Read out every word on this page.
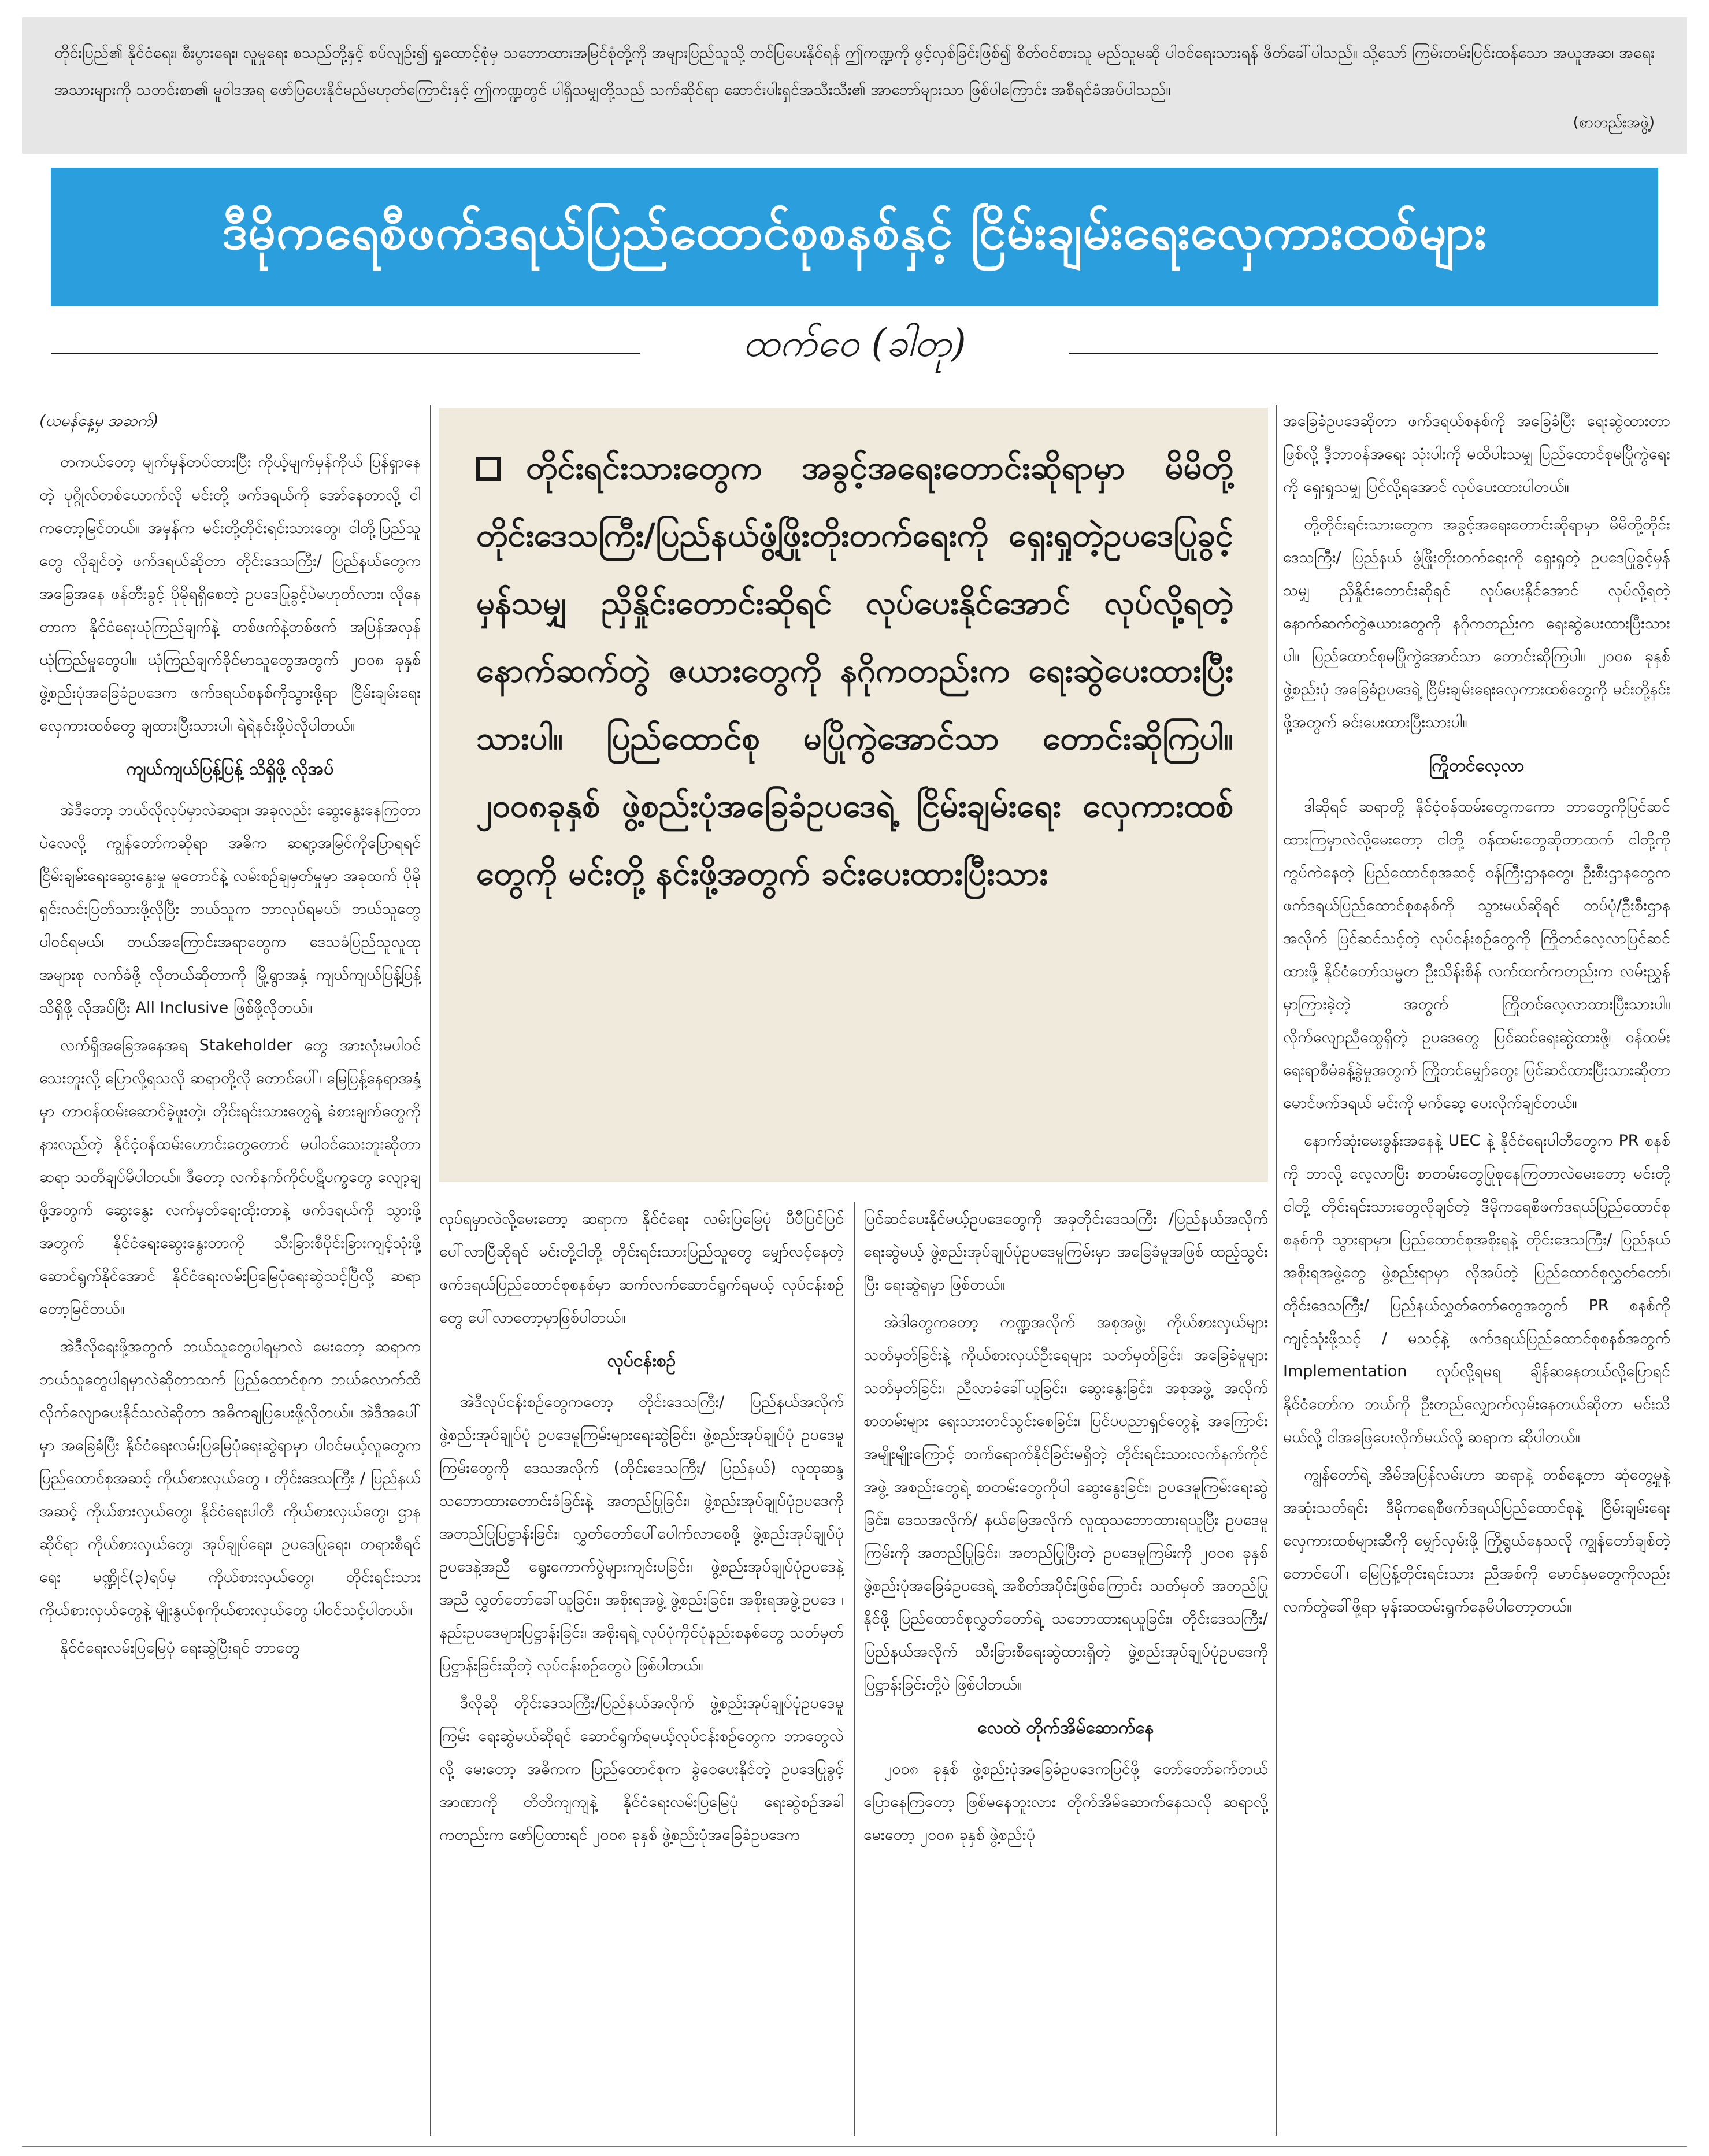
တိုင်းပြည်၏ နိုင်ငံရေး၊ စီးပွားရေး၊ လူမှုရေး စသည်တို့နှင့် စပ်လျဉ်း၍ ရှုထောင့်စုံမှ သဘောထားအမြင်စုံတို့ကို အများပြည်သူသို့ တင်ပြပေးနိုင်ရန် ဤကဏ္ဍကို ဖွင့်လှစ်ခြင်းဖြစ်၍ စိတ်ဝင်စားသူ မည်သူမဆို ပါဝင်ရေးသားရန် ဖိတ်ခေါ်ပါသည်။ သို့သော် ကြမ်းတမ်းပြင်းထန်သော အယူအဆ၊ အရေးအသားများကို သတင်းစာ၏ မူဝါဒအရ ဖော်ပြပေးနိုင်မည်မဟုတ်ကြောင်းနှင့် ဤကဏ္ဍတွင် ပါရှိသမျှတို့သည် သက်ဆိုင်ရာ ဆောင်းပါးရှင်အသီးသီး၏ အာဘော်များသာ ဖြစ်ပါကြောင်း အစီရင်ခံအပ်ပါသည်။
(စာတည်းအဖွဲ့)
ဒီမိုကရေစီဖက်ဒရယ်ပြည်ထောင်စုစနစ်နှင့် ငြိမ်းချမ်းရေးလှေကားထစ်များ
ထက်ဝေ (ခါတု)

(ယမန်နေ့မှ အဆက်)

တကယ်တော့ မျက်မှန်တပ်ထားပြီး ကိုယ့်မျက်မှန်ကိုယ် ပြန်ရှာနေတဲ့ ပုဂ္ဂိုလ်တစ်ယောက်လို မင်းတို့ ဖက်ဒရယ်ကို အော်နေတာလို့ ငါကတော့မြင်တယ်။ အမှန်က မင်းတို့တိုင်းရင်းသားတွေ၊ ငါတို့ပြည်သူတွေ လိုချင်တဲ့ ဖက်ဒရယ်ဆိုတာ တိုင်းဒေသကြီး/ ပြည်နယ်တွေက အခြေအနေ ဖန်တီးခွင့် ပိုမိုရရှိစေတဲ့ ဥပဒေပြုခွင့်ပဲမဟုတ်လား၊ လိုနေတာက နိုင်ငံရေးယုံကြည်ချက်နဲ့ တစ်ဖက်နဲ့တစ်ဖက် အပြန်အလှန် ယုံကြည်မှုတွေပါ။ ယုံကြည်ချက်ခိုင်မာသူတွေအတွက် ၂၀၀၈ ခုနှစ် ဖွဲ့စည်းပုံအခြေခံဥပဒေက ဖက်ဒရယ်စနစ်ကိုသွားဖို့ရာ ငြိမ်းချမ်းရေးလှေကားထစ်တွေ ချထားပြီးသားပါ၊ ရဲရဲနင်းဖို့ပဲလိုပါတယ်။

ကျယ်ကျယ်ပြန့်ပြန့် သိရှိဖို့ လိုအပ်

အဲဒီတော့ ဘယ်လိုလုပ်မှာလဲဆရာ၊ အခုလည်း ဆွေးနွေးနေကြတာပဲလေလို့ ကျွန်တော်ကဆိုရာ အဓိက ဆရာ့အမြင်ကိုပြောရရင် ငြိမ်းချမ်းရေးဆွေးနွေးမှု မူတောင်နဲ့ လမ်းစဉ်ချမှတ်မှုမှာ အခုထက် ပိုမိုရှင်းလင်းပြတ်သားဖို့လိုပြီး ဘယ်သူက ဘာလုပ်ရမယ်၊ ဘယ်သူတွေပါဝင်ရမယ်၊ ဘယ်အကြောင်းအရာတွေက ဒေသခံပြည်သူလူထု အများစု လက်ခံဖို့ လိုတယ်ဆိုတာကို မြို့ရွာအနှံ့ ကျယ်ကျယ်ပြန့်ပြန့် သိရှိဖို့ လိုအပ်ပြီး All Inclusive ဖြစ်ဖို့လိုတယ်။

လက်ရှိအခြေအနေအရ Stakeholder တွေ အားလုံးမပါဝင်သေးဘူးလို့ ပြောလို့ရသလို ဆရာတို့လို တောင်ပေါ်၊ မြေပြန့်နေရာအနှံ့မှာ တာဝန်ထမ်းဆောင်ခဲ့ဖူးတဲ့၊ တိုင်းရင်းသားတွေရဲ့ ခံစားချက်တွေကို နားလည်တဲ့ နိုင်ငံ့ဝန်ထမ်းဟောင်းတွေတောင် မပါဝင်သေးဘူးဆိုတာ ဆရာ သတိချပ်မိပါတယ်။ ဒီတော့ လက်နက်ကိုင်ပဋိပက္ခတွေ လျော့ချဖို့အတွက် ဆွေးနွေး လက်မှတ်ရေးထိုးတာနဲ့ ဖက်ဒရယ်ကို သွားဖို့အတွက် နိုင်ငံရေးဆွေးနွေးတာကို သီးခြားစီပိုင်းခြားကျင့်သုံးဖို့ ဆောင်ရွက်နိုင်အောင် နိုင်ငံရေးလမ်းပြမြေပုံရေးဆွဲသင့်ပြီလို့ ဆရာတော့မြင်တယ်။

အဲဒီလိုရေးဖို့အတွက် ဘယ်သူတွေပါရမှာလဲ မေးတော့ ဆရာက ဘယ်သူတွေပါရမှာလဲဆိုတာထက် ပြည်ထောင်စုက ဘယ်လောက်ထိ လိုက်လျောပေးနိုင်သလဲဆိုတာ အဓိကချပြပေးဖို့လိုတယ်။ အဲဒီအပေါ်မှာ အခြေခံပြီး နိုင်ငံရေးလမ်းပြမြေပုံရေးဆွဲရာမှာ ပါဝင်မယ့်လူတွေက ပြည်ထောင်စုအဆင့် ကိုယ်စားလှယ်တွေ ၊ တိုင်းဒေသကြီး / ပြည်နယ်အဆင့် ကိုယ်စားလှယ်တွေ၊ နိုင်ငံရေးပါတီ ကိုယ်စားလှယ်တွေ၊ ဌာနဆိုင်ရာ ကိုယ်စားလှယ်တွေ၊ အုပ်ချုပ်ရေး၊ ဥပဒေပြုရေး၊ တရားစီရင်ရေး မဏ္ဍိုင်(၃)ရပ်မှ ကိုယ်စားလှယ်တွေ၊ တိုင်းရင်းသား ကိုယ်စားလှယ်တွေနဲ့ မျိုးနွယ်စုကိုယ်စားလှယ်တွေ ပါဝင်သင့်ပါတယ်။

နိုင်ငံရေးလမ်းပြမြေပုံ ရေးဆွဲပြီးရင် ဘာတွေ

တိုင်းရင်းသားတွေက အခွင့်အရေးတောင်းဆိုရာမှာ မိမိတို့တိုင်းဒေသကြီး/ပြည်နယ်ဖွံ့ဖြိုးတိုးတက်ရေးကို ရှေးရှုတဲ့ဥပဒေပြုခွင့် မှန်သမျှ ညှိနှိုင်းတောင်းဆိုရင် လုပ်ပေးနိုင်အောင် လုပ်လို့ရတဲ့ နောက်ဆက်တွဲ ဇယားတွေကို နဂိုကတည်းက ရေးဆွဲပေးထားပြီးသားပါ။ ပြည်ထောင်စု မပြိုကွဲအောင်သာ တောင်းဆိုကြပါ။ ၂၀၀၈ခုနှစ် ဖွဲ့စည်းပုံအခြေခံဥပဒေရဲ့ ငြိမ်းချမ်းရေး လှေကားထစ်တွေကို မင်းတို့ နင်းဖို့အတွက် ခင်းပေးထားပြီးသား

လုပ်ရမှာလဲလို့မေးတော့ ဆရာက နိုင်ငံရေး လမ်းပြမြေပုံ ပီပီပြင်ပြင်ပေါ်လာပြီဆိုရင် မင်းတို့ငါတို့ တိုင်းရင်းသားပြည်သူတွေ မျှော်လင့်နေတဲ့ ဖက်ဒရယ်ပြည်ထောင်စုစနစ်မှာ ဆက်လက်ဆောင်ရွက်ရမယ့် လုပ်ငန်းစဉ်တွေ ပေါ်လာတော့မှာဖြစ်ပါတယ်။

လုပ်ငန်းစဉ်

အဲဒီလုပ်ငန်းစဉ်တွေကတော့ တိုင်းဒေသကြီး/ ပြည်နယ်အလိုက် ဖွဲ့စည်းအုပ်ချုပ်ပုံ ဥပဒေမူကြမ်းများရေးဆွဲခြင်း၊ ဖွဲ့စည်းအုပ်ချုပ်ပုံ ဥပဒေမူကြမ်းတွေကို ဒေသအလိုက် (တိုင်းဒေသကြီး/ ပြည်နယ်) လူထုဆန္ဒသဘောထားတောင်းခံခြင်းနဲ့ အတည်ပြုခြင်း၊ ဖွဲ့စည်းအုပ်ချုပ်ပုံဥပဒေကို အတည်ပြုပြဋ္ဌာန်းခြင်း၊ လွှတ်တော်ပေါ်ပေါက်လာစေဖို့ ဖွဲ့စည်းအုပ်ချုပ်ပုံဥပဒေနဲ့အညီ ရွေးကောက်ပွဲများကျင်းပခြင်း၊ ဖွဲ့စည်းအုပ်ချုပ်ပုံဥပဒေနဲ့အညီ လွှတ်တော်ခေါ်ယူခြင်း၊ အစိုးရအဖွဲ့ ဖွဲ့စည်းခြင်း၊ အစိုးရအဖွဲ့ဥပဒေ ၊ နည်းဥပဒေများပြဋ္ဌာန်းခြင်း၊ အစိုးရရဲ့ လုပ်ပုံကိုင်ပုံနည်းစနစ်တွေ သတ်မှတ်ပြဋ္ဌာန်းခြင်းဆိုတဲ့ လုပ်ငန်းစဉ်တွေပဲ ဖြစ်ပါတယ်။

ဒီလိုဆို တိုင်းဒေသကြီး/ပြည်နယ်အလိုက် ဖွဲ့စည်းအုပ်ချုပ်ပုံဥပဒေမူကြမ်း ရေးဆွဲမယ်ဆိုရင် ဆောင်ရွက်ရမယ့်လုပ်ငန်းစဉ်တွေက ဘာတွေလဲလို့ မေးတော့ အဓိကက ပြည်ထောင်စုက ခွဲဝေပေးနိုင်တဲ့ ဥပဒေပြုခွင့်အာဏာကို တိတိကျကျနဲ့ နိုင်ငံရေးလမ်းပြမြေပုံ ရေးဆွဲစဉ်အခါကတည်းက ဖော်ပြထားရင် ၂၀၀၈ ခုနှစ် ဖွဲ့စည်းပုံအခြေခံဥပဒေက

ပြင်ဆင်ပေးနိုင်မယ့်ဥပဒေတွေကို အခုတိုင်းဒေသကြီး /ပြည်နယ်အလိုက်ရေးဆွဲမယ့် ဖွဲ့စည်းအုပ်ချုပ်ပုံဥပဒေမူကြမ်းမှာ အခြေခံမူအဖြစ် ထည့်သွင်းပြီး ရေးဆွဲရမှာ ဖြစ်တယ်။

အဲဒါတွေကတော့ ကဏ္ဍအလိုက် အစုအဖွဲ့၊ ကိုယ်စားလှယ်များ သတ်မှတ်ခြင်းနဲ့ ကိုယ်စားလှယ်ဦးရေများ သတ်မှတ်ခြင်း၊ အခြေခံမူများ သတ်မှတ်ခြင်း၊ ညီလာခံခေါ်ယူခြင်း၊ ဆွေးနွေးခြင်း၊ အစုအဖွဲ့ အလိုက်စာတမ်းများ ရေးသားတင်သွင်းစေခြင်း၊ ပြင်ပပညာရှင်တွေနဲ့ အကြောင်းအမျိုးမျိုးကြောင့် တက်ရောက်နိုင်ခြင်းမရှိတဲ့ တိုင်းရင်းသားလက်နက်ကိုင်အဖွဲ့ အစည်းတွေရဲ့ စာတမ်းတွေကိုပါ ဆွေးနွေးခြင်း၊ ဥပဒေမူကြမ်းရေးဆွဲခြင်း၊ ဒေသအလိုက်/ နယ်မြေအလိုက် လူထုသဘောထားရယူပြီး ဥပဒေမူကြမ်းကို အတည်ပြုခြင်း၊ အတည်ပြုပြီးတဲ့ ဥပဒေမူကြမ်းကို ၂၀၀၈ ခုနှစ် ဖွဲ့စည်းပုံအခြေခံဥပဒေရဲ့ အစိတ်အပိုင်းဖြစ်ကြောင်း သတ်မှတ် အတည်ပြုနိုင်ဖို့ ပြည်ထောင်စုလွှတ်တော်ရဲ့ သဘောထားရယူခြင်း၊ တိုင်းဒေသကြီး/ ပြည်နယ်အလိုက် သီးခြားစီရေးဆွဲထားရှိတဲ့ ဖွဲ့စည်းအုပ်ချုပ်ပုံဥပဒေကို ပြဋ္ဌာန်းခြင်းတို့ပဲ ဖြစ်ပါတယ်။

လေထဲ တိုက်အိမ်ဆောက်နေ

၂၀၀၈ ခုနှစ် ဖွဲ့စည်းပုံအခြေခံဥပဒေကပြင်ဖို့ တော်တော်ခက်တယ် ပြောနေကြတော့ ဖြစ်မနေဘူးလား တိုက်အိမ်ဆောက်နေသလို ဆရာလို့ မေးတော့ ၂၀၀၈ ခုနှစ် ဖွဲ့စည်းပုံ

အခြေခံဥပဒေဆိုတာ ဖက်ဒရယ်စနစ်ကို အခြေခံပြီး ရေးဆွဲထားတာဖြစ်လို့ ဒီ့ဘာဝန်အရေး သုံးပါးကို မထိပါးသမျှ ပြည်ထောင်စုမပြိုကွဲရေးကို ရှေးရှုသမျှ ပြင်လို့ရအောင် လုပ်ပေးထားပါတယ်။

တို့တိုင်းရင်းသားတွေက အခွင့်အရေးတောင်းဆိုရာမှာ မိမိတို့တိုင်းဒေသကြီး/ ပြည်နယ် ဖွံ့ဖြိုးတိုးတက်ရေးကို ရှေးရှုတဲ့ ဥပဒေပြုခွင့်မှန်သမျှ ညှိနှိုင်းတောင်းဆိုရင် လုပ်ပေးနိုင်အောင် လုပ်လို့ရတဲ့ နောက်ဆက်တွဲဇယားတွေကို နဂိုကတည်းက ရေးဆွဲပေးထားပြီးသားပါ။ ပြည်ထောင်စုမပြိုကွဲအောင်သာ တောင်းဆိုကြပါ။ ၂၀၀၈ ခုနှစ် ဖွဲ့စည်းပုံ အခြေခံဥပဒေရဲ့ ငြိမ်းချမ်းရေးလှေကားထစ်တွေကို မင်းတို့နင်းဖို့အတွက် ခင်းပေးထားပြီးသားပါ။

ကြိုတင်လေ့လာ

ဒါဆိုရင် ဆရာတို့ နိုင်ငံ့ဝန်ထမ်းတွေကကော ဘာတွေကိုပြင်ဆင်ထားကြမှာလဲလို့မေးတော့ ငါတို့ ဝန်ထမ်းတွေဆိုတာထက် ငါတို့ကို ကွပ်ကဲနေတဲ့ ပြည်ထောင်စုအဆင့် ဝန်ကြီးဌာနတွေ၊ ဦးစီးဌာနတွေက ဖက်ဒရယ်ပြည်ထောင်စုစနစ်ကို သွားမယ်ဆိုရင် တပ်ပုံ/ဦးစီးဌာနအလိုက် ပြင်ဆင်သင့်တဲ့ လုပ်ငန်းစဉ်တွေကို ကြိုတင်လေ့လာပြင်ဆင်ထားဖို့ နိုင်ငံတော်သမ္မတ ဦးသိန်းစိန် လက်ထက်ကတည်းက လမ်းညွှန်မှာကြားခဲ့တဲ့ အတွက် ကြိုတင်လေ့လာထားပြီးသားပါ။ လိုက်လျောညီထွေရှိတဲ့ ဥပဒေတွေ ပြင်ဆင်ရေးဆွဲထားဖို့၊ ဝန်ထမ်းရေးရာစီမံခန့်ခွဲမှုအတွက် ကြိုတင်မျှော်တွေး ပြင်ဆင်ထားပြီးသားဆိုတာ မောင်ဖက်ဒရယ် မင်းကို မက်ဆေ့ ပေးလိုက်ချင်တယ်။

နောက်ဆုံးမေးခွန်းအနေနဲ့ UEC နဲ့ နိုင်ငံရေးပါတီတွေက PR စနစ်ကို ဘာလို့ လေ့လာပြီး စာတမ်းတွေပြုစုနေကြတာလဲမေးတော့ မင်းတို့ ငါတို့ တိုင်းရင်းသားတွေလိုချင်တဲ့ ဒီမိုကရေစီဖက်ဒရယ်ပြည်ထောင်စုစနစ်ကို သွားရာမှာ၊ ပြည်ထောင်စုအစိုးရနဲ့ တိုင်းဒေသကြီး/ ပြည်နယ်အစိုးရအဖွဲ့တွေ ဖွဲ့စည်းရာမှာ လိုအပ်တဲ့ ပြည်ထောင်စုလွှတ်တော်၊ တိုင်းဒေသကြီး/ ပြည်နယ်လွှတ်တော်တွေအတွက် PR စနစ်ကို ကျင့်သုံးဖို့သင့် / မသင့်နဲ့ ဖက်ဒရယ်ပြည်ထောင်စုစနစ်အတွက် Implementation လုပ်လို့ရမရ ချိန်ဆနေတယ်လို့ပြောရင် နိုင်ငံတော်က ဘယ်ကို ဦးတည်လျှောက်လှမ်းနေတယ်ဆိုတာ မင်းသိမယ်လို့ ငါအဖြေပေးလိုက်မယ်လို့ ဆရာက ဆိုပါတယ်။

ကျွန်တော်ရဲ့ အိမ်အပြန်လမ်းဟာ ဆရာနဲ့ တစ်နေ့တာ ဆုံတွေ့မှုနဲ့ အဆုံးသတ်ရင်း ဒီမိုကရေစီဖက်ဒရယ်ပြည်ထောင်စုနဲ့ ငြိမ်းချမ်းရေးလှေကားထစ်များဆီကို မျှော်လှမ်းဖို့ ကြိုရွယ်နေသလို ကျွန်တော်ချစ်တဲ့ တောင်ပေါ်၊ မြေပြန့်တိုင်းရင်းသား ညီအစ်ကို မောင်နှမတွေကိုလည်း လက်တွဲခေါ်ဖို့ရာ မှန်းဆထမ်းရွက်နေမိပါတော့တယ်။
